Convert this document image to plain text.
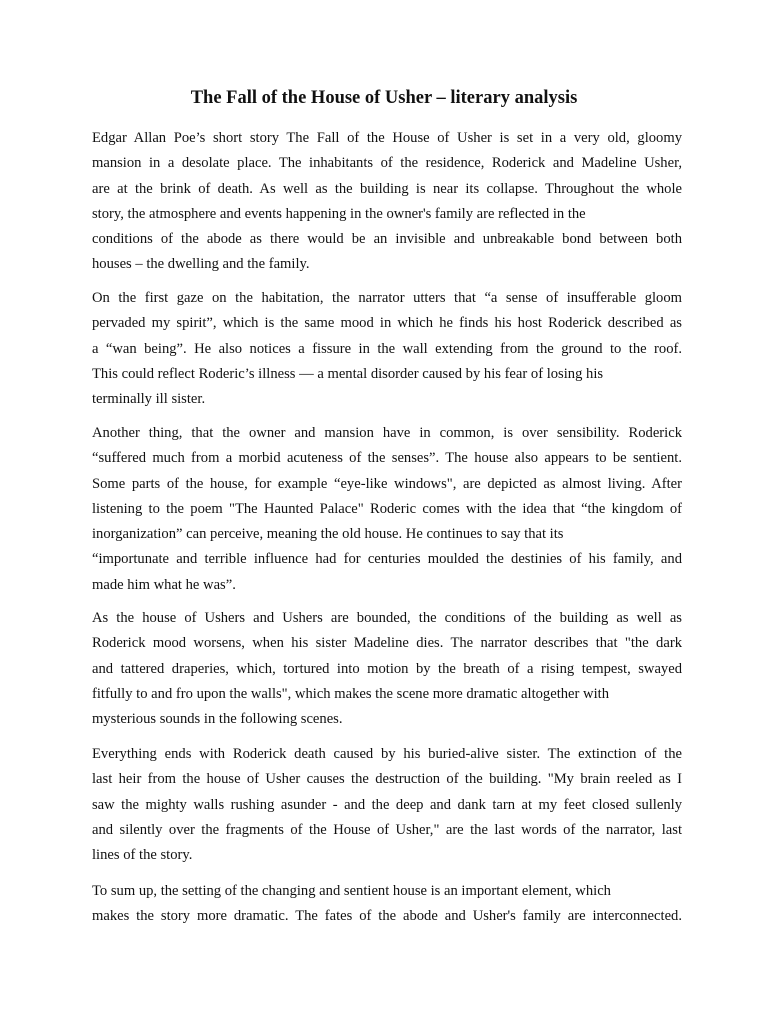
The Fall of the House of Usher – literary analysis
Edgar Allan Poe’s short story The Fall of the House of Usher is set in a very old, gloomy
mansion in a desolate place. The inhabitants of the residence, Roderick and Madeline Usher,
are at the brink of death. As well as the building is near its collapse. Throughout the whole
story, the atmosphere and events happening in the owner's family are reflected in the
conditions of the abode as there would be an invisible and unbreakable bond between both
houses – the dwelling and the family.
On the first gaze on the habitation, the narrator utters that “a sense of insufferable gloom
pervaded my spirit”, which is the same mood in which he finds his host Roderick described as
a “wan being”. He also notices a fissure in the wall extending from the ground to the roof.
This could reflect Roderic’s illness — a mental disorder caused by his fear of losing his
terminally ill sister.
Another thing, that the owner and mansion have in common, is over sensibility. Roderick
“suffered much from a morbid acuteness of the senses”. The house also appears to be sentient.
Some parts of the house, for example “eye-like windows", are depicted as almost living. After
listening to the poem "The Haunted Palace" Roderic comes with the idea that “the kingdom of
inorganization” can perceive, meaning the old house. He continues to say that its
“importunate and terrible influence had for centuries moulded the destinies of his family, and
made him what he was”.
As the house of Ushers and Ushers are bounded, the conditions of the building as well as
Roderick mood worsens, when his sister Madeline dies. The narrator describes that "the dark
and tattered draperies, which, tortured into motion by the breath of a rising tempest, swayed
fitfully to and fro upon the walls", which makes the scene more dramatic altogether with
mysterious sounds in the following scenes.
Everything ends with Roderick death caused by his buried-alive sister. The extinction of the
last heir from the house of Usher causes the destruction of the building. "My brain reeled as I
saw the mighty walls rushing asunder - and the deep and dank tarn at my feet closed sullenly
and silently over the fragments of the House of Usher," are the last words of the narrator, last
lines of the story.
To sum up, the setting of the changing and sentient house is an important element, which
makes the story more dramatic. The fates of the abode and Usher's family are interconnected.
